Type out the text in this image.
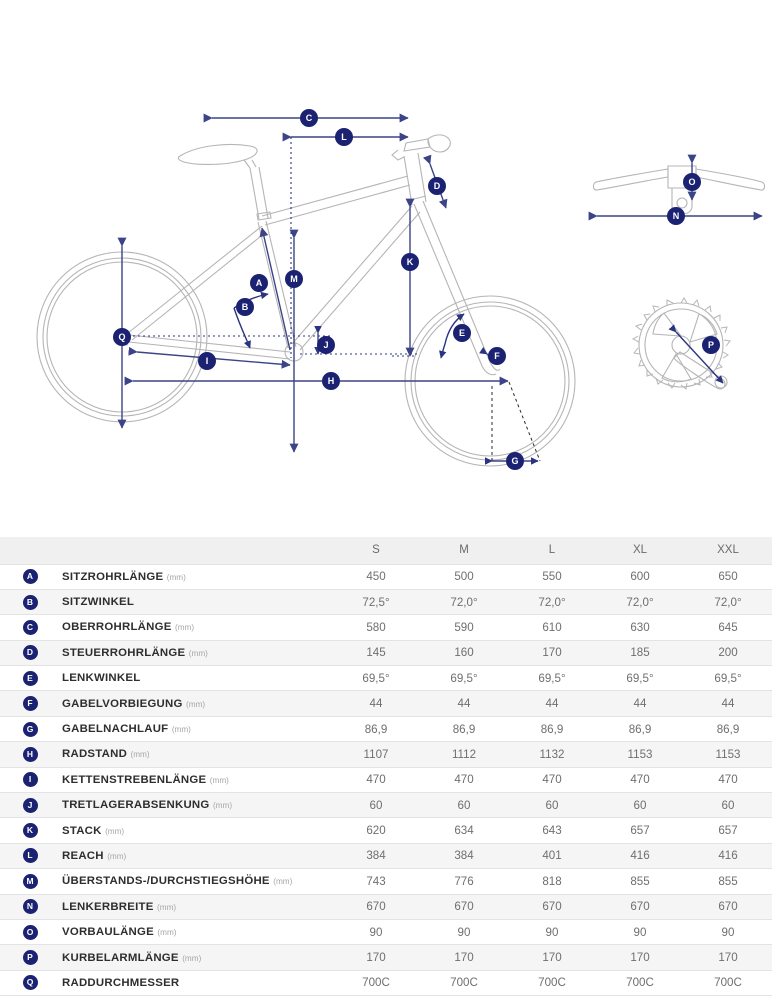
C
L
D
K
A	M
B
Q
J
E
F
I
H
G
O
N
P
		S	M	L	XL	XXL
A	SITZROHRLÄNGE (mm)	450	500	550	600	650
B	SITZWINKEL	72,5°	72,0°	72,0°	72,0°	72,0°
C	OBERROHRLÄNGE (mm)	580	590	610	630	645
D	STEUERROHRLÄNGE (mm)	145	160	170	185	200
E	LENKWINKEL	69,5°	69,5°	69,5°	69,5°	69,5°
F	GABELVORBIEGUNG (mm)	44	44	44	44	44
G	GABELNACHLAUF (mm)	86,9	86,9	86,9	86,9	86,9
H	RADSTAND (mm)	1107	1112	1132	1153	1153
I	KETTENSTREBENLÄNGE (mm)	470	470	470	470	470
J	TRETLAGERABSENKUNG (mm)	60	60	60	60	60
K	STACK (mm)	620	634	643	657	657
L	REACH (mm)	384	384	401	416	416
M	ÜBERSTANDS-/DURCHSTIEGSHÖHE (mm)	743	776	818	855	855
N	LENKERBREITE (mm)	670	670	670	670	670
O	VORBAULÄNGE (mm)	90	90	90	90	90
P	KURBELARMLÄNGE (mm)	170	170	170	170	170
Q	RADDURCHMESSER	700C	700C	700C	700C	700C
